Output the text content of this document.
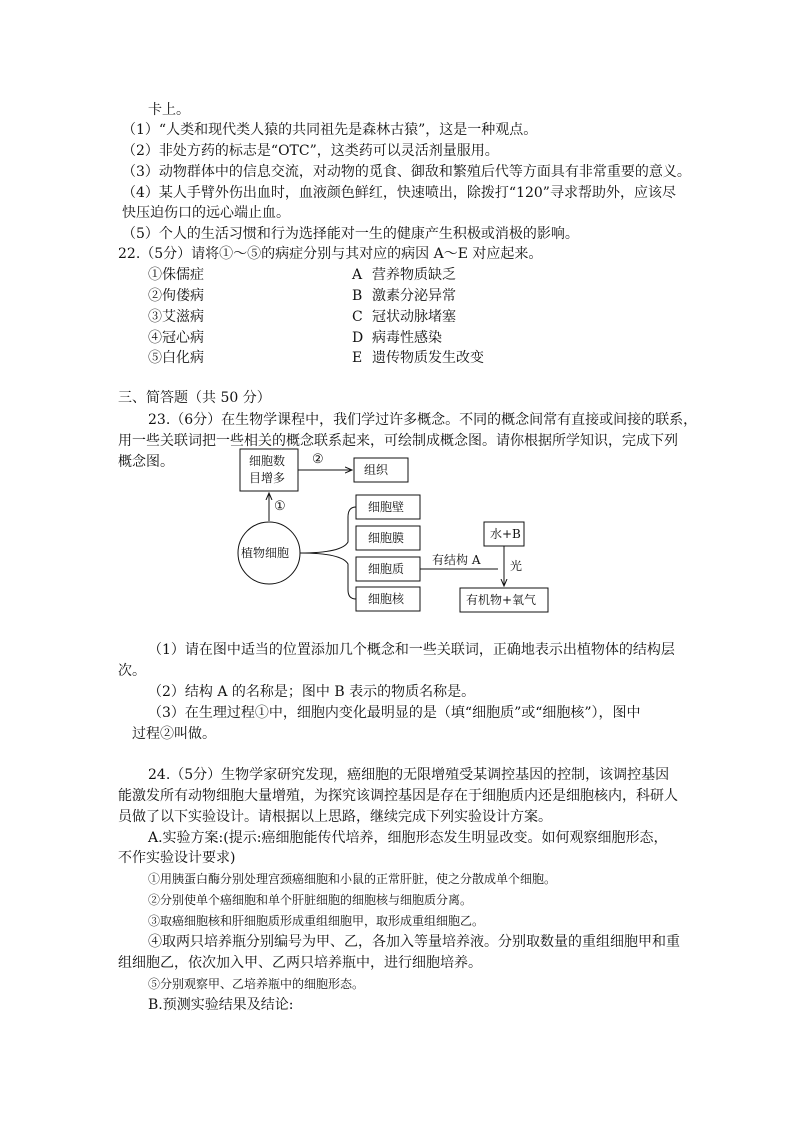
卡上。
（1）“人类和现代类人猿的共同祖先是森林古猿”，这是一种观点。
（2）非处方药的标志是“OTC”，这类药可以灵活剂量服用。
（3）动物群体中的信息交流，对动物的觅食、御敌和繁殖后代等方面具有非常重要的意义。
（4）某人手臂外伤出血时，血液颜色鲜红，快速喷出，除拨打“120”寻求帮助外，应该尽
快压迫伤口的远心端止血。
（5）个人的生活习惯和行为选择能对一生的健康产生积极或消极的影响。
22.（5分）请将①～⑤的病症分别与其对应的病因 A～E 对应起来。
①侏儒症	A 营养物质缺乏
②佝偻病	B 激素分泌异常
③艾滋病	C 冠状动脉堵塞
④冠心病	D 病毒性感染
⑤白化病	E 遗传物质发生改变
三、简答题（共 50 分）
23.（6分）在生物学课程中，我们学过许多概念。不同的概念间常有直接或间接的联系，
用一些关联词把一些相关的概念联系起来，可绘制成概念图。请你根据所学知识，完成下列
概念图。	细胞数
目增多
②
组织
①
植物细胞
细胞壁
细胞膜
细胞质
细胞核
有结构 A
水+B
光
有机物+氧气
（1）请在图中适当的位置添加几个概念和一些关联词，正确地表示出植物体的结构层
次。
（2）结构 A 的名称是；图中 B 表示的物质名称是。
（3）在生理过程①中，细胞内变化最明显的是（填“细胞质”或“细胞核”），图中
过程②叫做。
24.（5分）生物学家研究发现，癌细胞的无限增殖受某调控基因的控制，该调控基因
能激发所有动物细胞大量增殖，为探究该调控基因是存在于细胞质内还是细胞核内，科研人
员做了以下实验设计。请根据以上思路，继续完成下列实验设计方案。
A.实验方案:(提示:癌细胞能传代培养，细胞形态发生明显改变。如何观察细胞形态，
不作实验设计要求)
①用胰蛋白酶分别处理宫颈癌细胞和小鼠的正常肝脏，使之分散成单个细胞。
②分别使单个癌细胞和单个肝脏细胞的细胞核与细胞质分离。
③取癌细胞核和肝细胞质形成重组细胞甲，取形成重组细胞乙。
④取两只培养瓶分别编号为甲、乙，各加入等量培养液。分别取数量的重组细胞甲和重
组细胞乙，依次加入甲、乙两只培养瓶中，进行细胞培养。
⑤分别观察甲、乙培养瓶中的细胞形态。
B.预测实验结果及结论:
